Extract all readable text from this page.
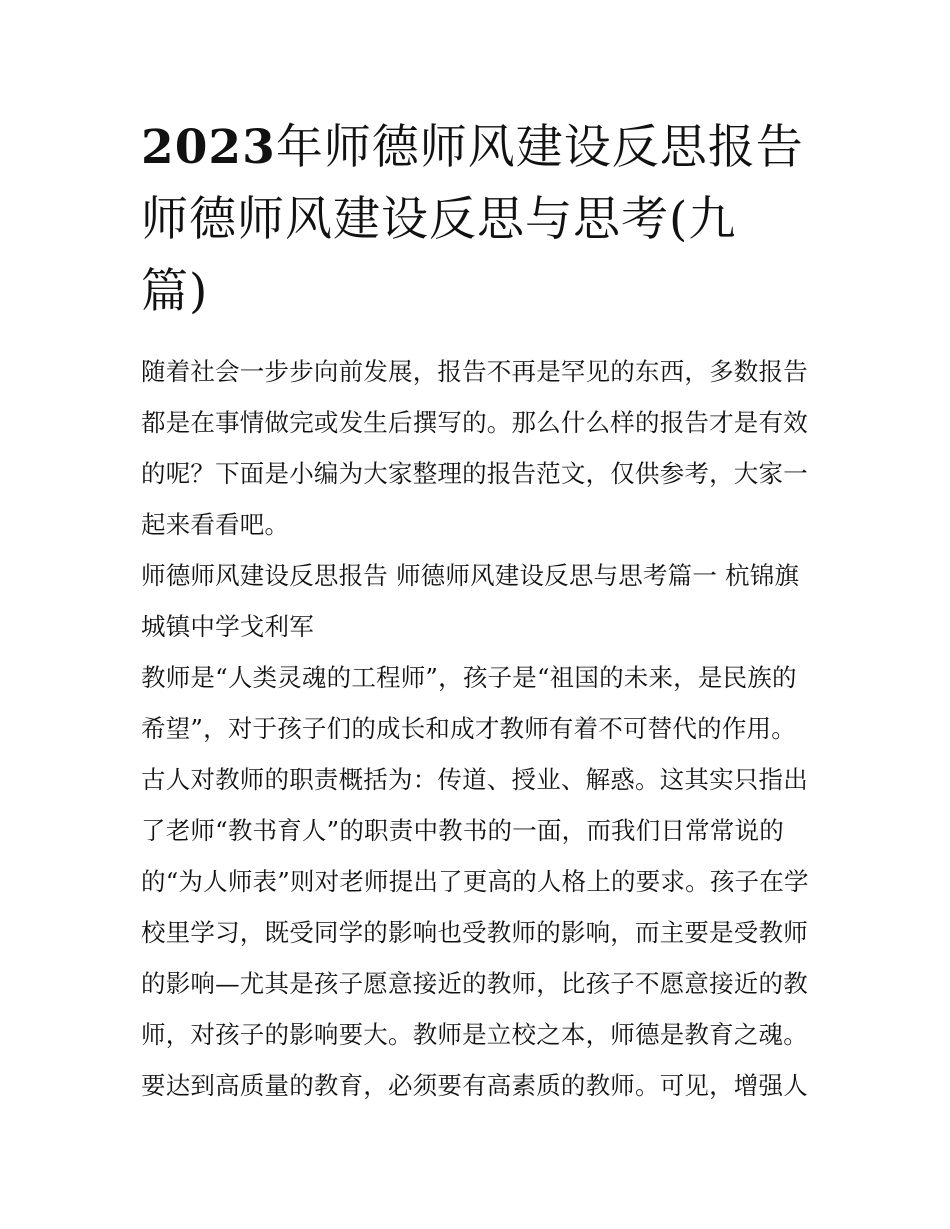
2023年师德师风建设反思报告
师德师风建设反思与思考(九
篇)
随着社会一步步向前发展，报告不再是罕见的东西，多数报告
都是在事情做完或发生后撰写的。那么什么样的报告才是有效
的呢？下面是小编为大家整理的报告范文，仅供参考，大家一
起来看看吧。
师德师风建设反思报告 师德师风建设反思与思考篇一 杭锦旗
城镇中学戈利军
教师是“人类灵魂的工程师”，孩子是“祖国的未来，是民族的
希望”，对于孩子们的成长和成才教师有着不可替代的作用。
古人对教师的职责概括为：传道、授业、解惑。这其实只指出
了老师“教书育人”的职责中教书的一面，而我们日常常说的
的“为人师表”则对老师提出了更高的人格上的要求。孩子在学
校里学习，既受同学的影响也受教师的影响，而主要是受教师
的影响—尤其是孩子愿意接近的教师，比孩子不愿意接近的教
师，对孩子的影响要大。教师是立校之本，师德是教育之魂。
要达到高质量的教育，必须要有高素质的教师。可见，增强人
